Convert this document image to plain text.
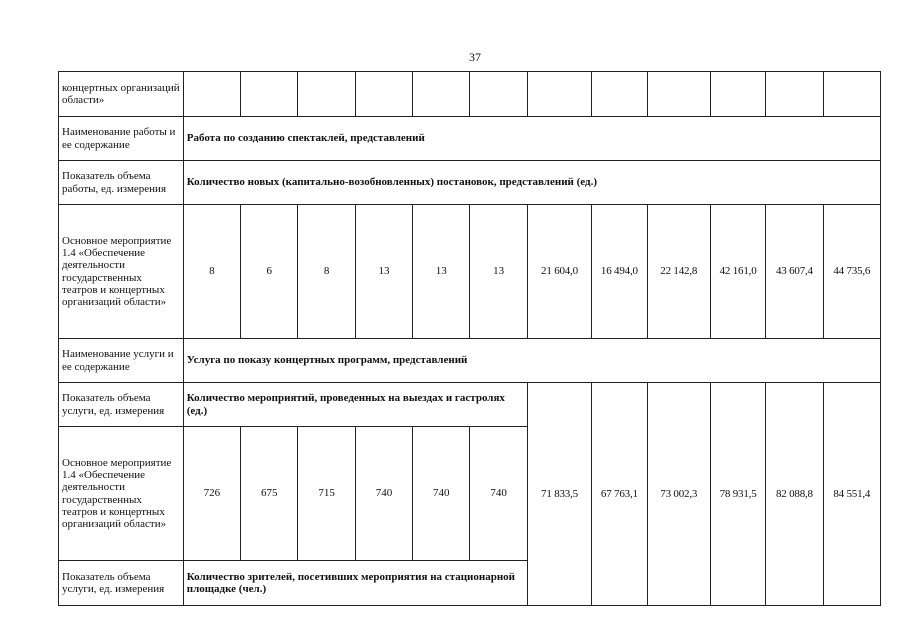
37
концертных организаций области»												
Наименование работы и ее содержание	Работа по созданию спектаклей, представлений											
Показатель объема работы, ед. измерения	Количество новых (капитально-возобновленных) постановок, представлений (ед.)											
Основное мероприятие 1.4 «Обеспечение деятельности государственных театров и концертных организаций области»	8	6	8	13	13	13	21 604,0	16 494,0	22 142,8	42 161,0	43 607,4	44 735,6
Наименование услуги и ее содержание	Услуга по показу концертных программ, представлений											
Показатель объема услуги, ед. измерения	Количество мероприятий, проведенных на выездах и гастролях (ед.)						71 833,5	67 763,1	73 002,3	78 931,5	82 088,8	84 551,4
Основное мероприятие 1.4 «Обеспечение деятельности государственных театров и концертных организаций области»	726	675	715	740	740	740						
Показатель объема услуги, ед. измерения	Количество зрителей, посетивших мероприятия на стационарной площадке (чел.)											
